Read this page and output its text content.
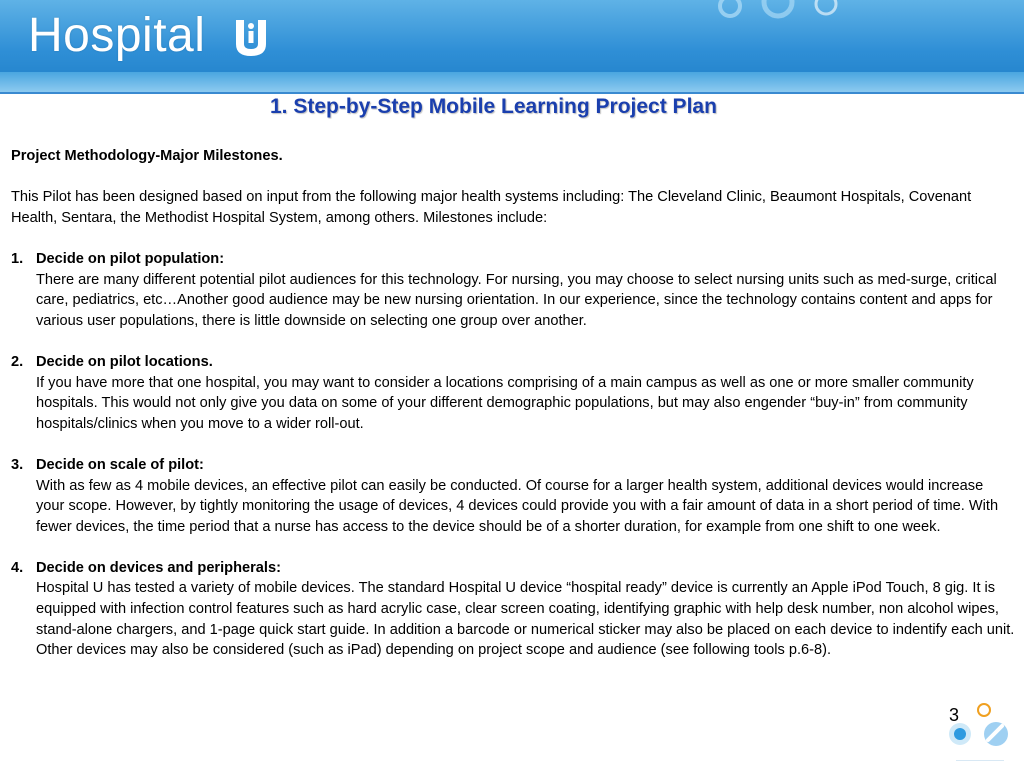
Hospital
1. Step-by-Step Mobile Learning Project Plan

Project Methodology-Major Milestones.

This Pilot has been designed based on input from the following major health systems including: The Cleveland Clinic, Beaumont Hospitals, Covenant Health, Sentara, the Methodist Hospital System, among others. Milestones include:

1. Decide on pilot population:

There are many different potential pilot audiences for this technology. For nursing, you may choose to select nursing units such as med-surge, critical care, pediatrics, etc…Another good audience may be new nursing orientation. In our experience, since the technology contains content and apps for various user populations, there is little downside on selecting one group over another.

2. Decide on pilot locations.

If you have more that one hospital, you may want to consider a locations comprising of a main campus as well as one or more smaller community hospitals. This would not only give you data on some of your different demographic populations, but may also engender “buy-in” from community hospitals/clinics when you move to a wider roll-out.

3. Decide on scale of pilot:

With as few as 4 mobile devices, an effective pilot can easily be conducted. Of course for a larger health system, additional devices would increase your scope. However, by tightly monitoring the usage of devices, 4 devices could provide you with a fair amount of data in a short period of time. With fewer devices, the time period that a nurse has access to the device should be of a shorter duration, for example from one shift to one week.

4. Decide on devices and peripherals:

Hospital U has tested a variety of mobile devices. The standard Hospital U device “hospital ready” device is currently an Apple iPod Touch, 8 gig. It is equipped with infection control features such as hard acrylic case, clear screen coating, identifying graphic with help desk number, non alcohol wipes, stand-alone chargers, and 1-page quick start guide. In addition a barcode or numerical sticker may also be placed on each device to indentify each unit. Other devices may also be considered (such as iPad) depending on project scope and audience (see following tools p.6-8).

3
